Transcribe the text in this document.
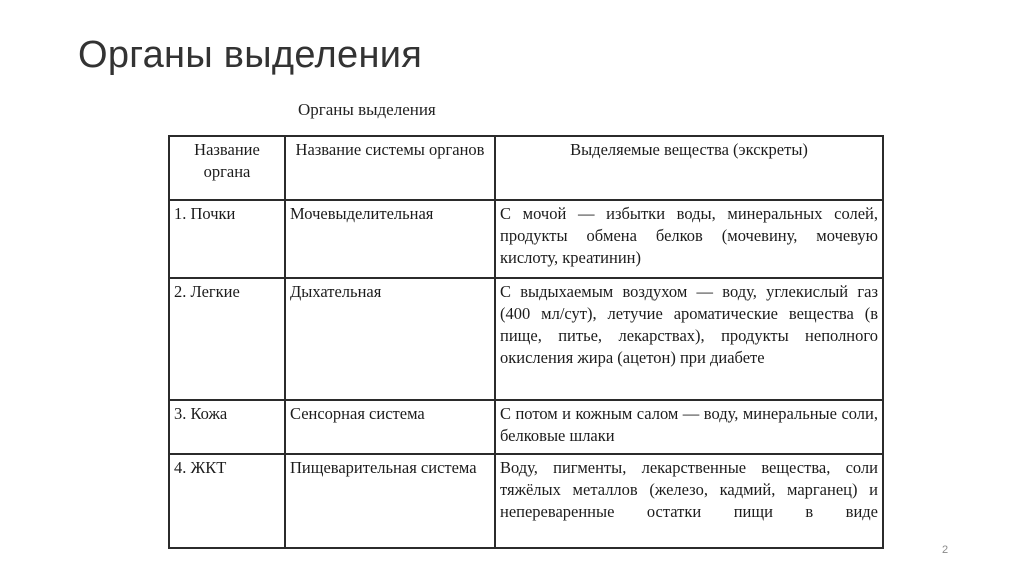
Органы выделения
Органы выделения
Название органа	Название системы органов	Выделяемые вещества (экскреты)
1. Почки	Мочевыделительная	С мочой — избытки воды, минеральных солей, продукты обмена белков (мочевину, мочевую кислоту, креатинин)
2. Легкие	Дыхательная	С выдыхаемым воздухом — воду, углекислый газ (400 мл/сут), летучие ароматические вещества (в пище, питье, лекарствах), продукты неполного окисления жира (ацетон) при диабете
3. Кожа	Сенсорная система	С потом и кожным салом — воду, минеральные соли, белковые шлаки
4. ЖКТ	Пищеварительная система	Воду, пигменты, лекарственные вещества, соли тяжёлых металлов (железо, кадмий, марганец) и непереваренные остатки пищи в виде
2
